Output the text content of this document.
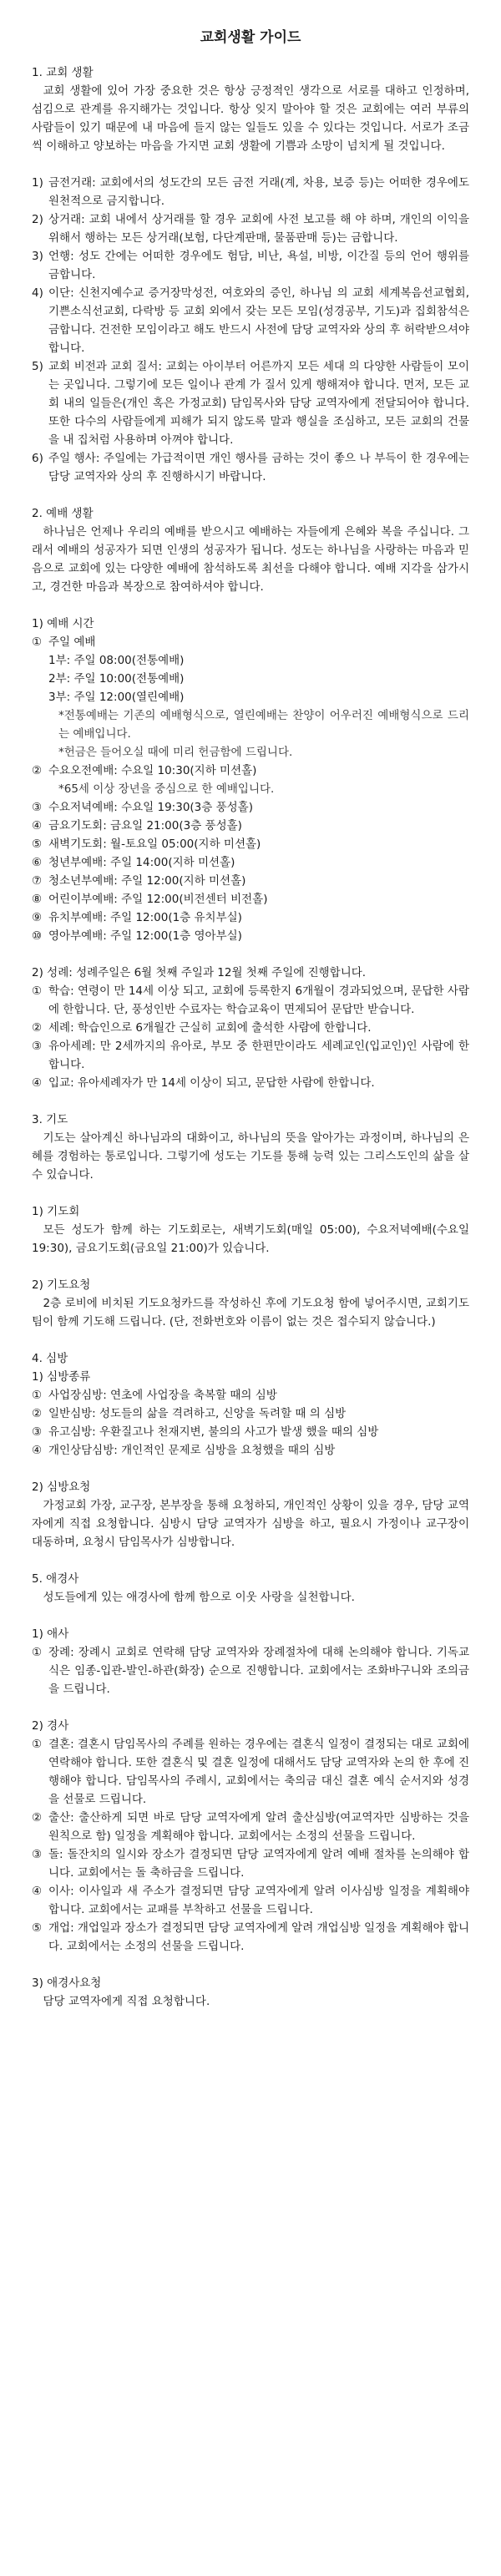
교회생활 가이드

1. 교회 생활

교회 생활에 있어 가장 중요한 것은 항상 긍정적인 생각으로 서로를 대하고 인정하며, 섬김으로 관계를 유지해가는 것입니다. 항상 잊지 말아야 할 것은 교회에는 여러 부류의 사람들이 있기 때문에 내 마음에 들지 않는 일들도 있을 수 있다는 것입니다. 서로가 조금 씩 이해하고 양보하는 마음을 가지면 교회 생활에 기쁨과 소망이 넘치게 될 것입니다.

1) 금전거래: 교회에서의 성도간의 모든 금전 거래(계, 차용, 보증 등)는 어떠한 경우에도 원천적으로 금지합니다.
2) 상거래: 교회 내에서 상거래를 할 경우 교회에 사전 보고를 해 야 하며, 개인의 이익을 위해서 행하는 모든 상거래(보험, 다단계판매, 물품판매 등)는 금합니다.
3) 언행: 성도 간에는 어떠한 경우에도 험담, 비난, 욕설, 비방, 이간질 등의 언어 행위를 금합니다.
4) 이단: 신천지예수교 증거장막성전, 여호와의 증인, 하나님 의 교회 세계복음선교협회, 기쁜소식선교회, 다락방 등 교회 외에서 갖는 모든 모임(성경공부, 기도)과 집회참석은 금합니다. 건전한 모임이라고 해도 반드시 사전에 담당 교역자와 상의 후 허락받으셔야 합니다.
5) 교회 비전과 교회 질서: 교회는 아이부터 어른까지 모든 세대 의 다양한 사람들이 모이는 곳입니다. 그렇기에 모든 일이나 관계 가 질서 있게 행해져야 합니다. 먼저, 모든 교회 내의 일들은(개인 혹은 가정교회) 담임목사와 담당 교역자에게 전달되어야 합니다. 또한 다수의 사람들에게 피해가 되지 않도록 말과 행실을 조심하고, 모든 교회의 건물을 내 집처럼 사용하며 아껴야 합니다.
6) 주일 행사: 주일에는 가급적이면 개인 행사를 금하는 것이 좋으 나 부득이 한 경우에는 담당 교역자와 상의 후 진행하시기 바랍니다.

2. 예배 생활

하나님은 언제나 우리의 예배를 받으시고 예배하는 자들에게 은혜와 복을 주십니다. 그래서 예배의 성공자가 되면 인생의 성공자가 됩니다. 성도는 하나님을 사랑하는 마음과 믿음으로 교회에 있는 다양한 예배에 참석하도록 최선을 다해야 합니다. 예배 지각을 삼가시고, 경건한 마음과 복장으로 참여하셔야 합니다.

1) 예배 시간

① 주일 예배
1부: 주일 08:00(전통예배)
2부: 주일 10:00(전통예배)
3부: 주일 12:00(열린예배)
*전통예배는 기존의 예배형식으로, 열린예배는 찬양이 어우러진 예배형식으로 드리는 예배입니다.
*헌금은 들어오실 때에 미리 헌금함에 드립니다.
② 수요오전예배: 수요일 10:30(지하 미션홀)
*65세 이상 장년을 중심으로 한 예배입니다.
③ 수요저녁예배: 수요일 19:30(3층 풍성홀)
④ 금요기도회: 금요일 21:00(3층 풍성홀)
⑤ 새벽기도회: 월-토요일 05:00(지하 미션홀)
⑥ 청년부예배: 주일 14:00(지하 미션홀)
⑦ 청소년부예배: 주일 12:00(지하 미션홀)
⑧ 어린이부예배: 주일 12:00(비전센터 비전홀)
⑨ 유치부예배: 주일 12:00(1층 유치부실)
⑩ 영아부예배: 주일 12:00(1층 영아부실)

2) 성례: 성례주일은 6월 첫째 주일과 12월 첫째 주일에 진행합니다.

① 학습: 연령이 만 14세 이상 되고, 교회에 등록한지 6개월이 경과되었으며, 문답한 사람에 한합니다. 단, 풍성인반 수료자는 학습교육이 면제되어 문답만 받습니다.
② 세례: 학습인으로 6개월간 근실히 교회에 출석한 사람에 한합니다.
③ 유아세례: 만 2세까지의 유아로, 부모 중 한편만이라도 세례교인(입교인)인 사람에 한합니다.
④ 입교: 유아세례자가 만 14세 이상이 되고, 문답한 사람에 한합니다.

3. 기도

기도는 살아계신 하나님과의 대화이고, 하나님의 뜻을 알아가는 과정이며, 하나님의 은혜를 경험하는 통로입니다. 그렇기에 성도는 기도를 통해 능력 있는 그리스도인의 삶을 살 수 있습니다.

1) 기도회

모든 성도가 함께 하는 기도회로는, 새벽기도회(매일 05:00), 수요저녁예배(수요일 19:30), 금요기도회(금요일 21:00)가 있습니다.

2) 기도요청

2층 로비에 비치된 기도요청카드를 작성하신 후에 기도요청 함에 넣어주시면, 교회기도팀이 함께 기도해 드립니다. (단, 전화번호와 이름이 없는 것은 접수되지 않습니다.)

4. 심방

1) 심방종류

① 사업장심방: 연초에 사업장을 축복할 때의 심방
② 일반심방: 성도들의 삶을 격려하고, 신앙을 독려할 때 의 심방
③ 유고심방: 우환질고나 천재지변, 불의의 사고가 발생 했을 때의 심방
④ 개인상담심방: 개인적인 문제로 심방을 요청했을 때의 심방

2) 심방요청

가정교회 가장, 교구장, 본부장을 통해 요청하되, 개인적인 상황이 있을 경우, 담당 교역자에게 직접 요청합니다. 심방시 담당 교역자가 심방을 하고, 필요시 가정이나 교구장이 대동하며, 요청시 담임목사가 심방합니다.

5. 애경사

성도들에게 있는 애경사에 함께 함으로 이웃 사랑을 실천합니다.

1) 애사

① 장례: 장례시 교회로 연락해 담당 교역자와 장례절차에 대해 논의해야 합니다. 기독교식은 임종-입관-발인-하관(화장) 순으로 진행합니다. 교회에서는 조화바구니와 조의금을 드립니다.

2) 경사

① 결혼: 결혼시 담임목사의 주례를 원하는 경우에는 결혼식 일정이 결정되는 대로 교회에 연락해야 합니다. 또한 결혼식 및 결혼 일정에 대해서도 담당 교역자와 논의 한 후에 진행해야 합니다. 담임목사의 주례시, 교회에서는 축의금 대신 결혼 예식 순서지와 성경을 선물로 드립니다.
② 출산: 출산하게 되면 바로 담당 교역자에게 알려 출산심방(여교역자만 심방하는 것을 원칙으로 함) 일정을 계획해야 합니다. 교회에서는 소정의 선물을 드립니다.
③ 돌: 돌잔치의 일시와 장소가 결정되면 담당 교역자에게 알려 예배 절차를 논의해야 합니다. 교회에서는 돌 축하금을 드립니다.
④ 이사: 이사일과 새 주소가 결정되면 담당 교역자에게 알려 이사심방 일정을 계획해야 합니다. 교회에서는 교패를 부착하고 선물을 드립니다.
⑤ 개업: 개업일과 장소가 결정되면 담당 교역자에게 알려 개업심방 일정을 계획해야 합니다. 교회에서는 소정의 선물을 드립니다.

3) 애경사요청

담당 교역자에게 직접 요청합니다.
